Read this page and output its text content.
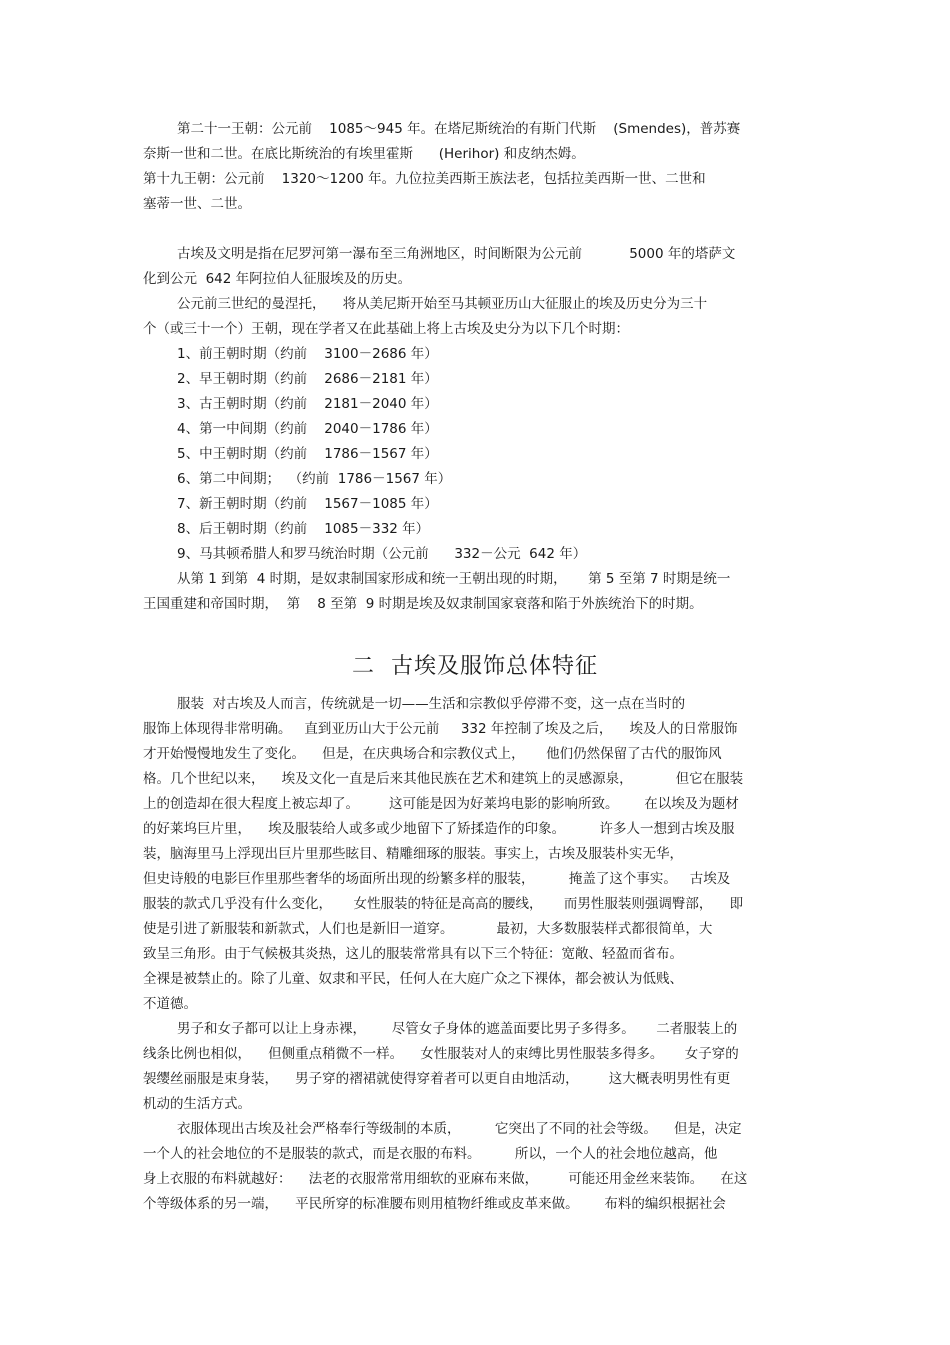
第二十一王朝：公元前    1085～945 年。在塔尼斯统治的有斯门代斯    (Smendes)，普苏赛
奈斯一世和二世。在底比斯统治的有埃里霍斯      (Herihor) 和皮纳杰姆。
第十九王朝：公元前    1320～1200 年。九位拉美西斯王族法老，包括拉美西斯一世、二世和
塞蒂一世、二世。
古埃及文明是指在尼罗河第一瀑布至三角洲地区，时间断限为公元前           5000 年的塔萨文
化到公元  642 年阿拉伯人征服埃及的历史。
公元前三世纪的曼涅托，    将从美尼斯开始至马其顿亚历山大征服止的埃及历史分为三十
个（或三十一个）王朝，现在学者又在此基础上将上古埃及史分为以下几个时期：
1、前王朝时期（约前    3100－2686 年）
2、早王朝时期（约前    2686－2181 年）
3、古王朝时期（约前    2181－2040 年）
4、第一中间期（约前    2040－1786 年）
5、中王朝时期（约前    1786－1567 年）
6、第二中间期；  （约前  1786－1567 年）
7、新王朝时期（约前    1567－1085 年）
8、后王朝时期（约前    1085－332 年）
9、马其顿希腊人和罗马统治时期（公元前      332－公元  642 年）
从第 1 到第  4 时期，是奴隶制国家形成和统一王朝出现的时期，     第 5 至第 7 时期是统一
王国重建和帝国时期，  第    8 至第  9 时期是埃及奴隶制国家衰落和陷于外族统治下的时期。
二  古埃及服饰总体特征
服装  对古埃及人而言，传统就是一切——生活和宗教似乎停滞不变，这一点在当时的
服饰上体现得非常明确。   直到亚历山大于公元前     332 年控制了埃及之后，    埃及人的日常服饰
才开始慢慢地发生了变化。    但是，在庆典场合和宗教仪式上，     他们仍然保留了古代的服饰风
格。几个世纪以来，    埃及文化一直是后来其他民族在艺术和建筑上的灵感源泉，          但它在服装
上的创造却在很大程度上被忘却了。       这可能是因为好莱坞电影的影响所致。      在以埃及为题材
的好莱坞巨片里，    埃及服装给人或多或少地留下了矫揉造作的印象。        许多人一想到古埃及服
装，脑海里马上浮现出巨片里那些眩目、精雕细琢的服装。事实上，古埃及服装朴实无华，
但史诗般的电影巨作里那些奢华的场面所出现的纷繁多样的服装，        掩盖了这个事实。   古埃及
服装的款式几乎没有什么变化，     女性服装的特征是高高的腰线，     而男性服装则强调臀部，    即
使是引进了新服装和新款式，人们也是新旧一道穿。          最初，大多数服装样式都很简单，大
致呈三角形。由于气候极其炎热，这儿的服装常常具有以下三个特征：宽敞、轻盈而省布。
全裸是被禁止的。除了儿童、奴隶和平民，任何人在大庭广众之下裸体，都会被认为低贱、
不道德。
男子和女子都可以让上身赤裸，      尽管女子身体的遮盖面要比男子多得多。     二者服装上的
线条比例也相似，    但侧重点稍微不一样。    女性服装对人的束缚比男性服装多得多。     女子穿的
袈缨丝丽服是束身装，    男子穿的褶裙就使得穿着者可以更自由地活动，       这大概表明男性有更
机动的生活方式。
衣服体现出古埃及社会严格奉行等级制的本质，        它突出了不同的社会等级。    但是，决定
一个人的社会地位的不是服装的款式，而是衣服的布料。        所以，一个人的社会地位越高，他
身上衣服的布料就越好：    法老的衣服常常用细软的亚麻布来做，       可能还用金丝来装饰。    在这
个等级体系的另一端，    平民所穿的标准腰布则用植物纤维或皮革来做。      布料的编织根据社会
